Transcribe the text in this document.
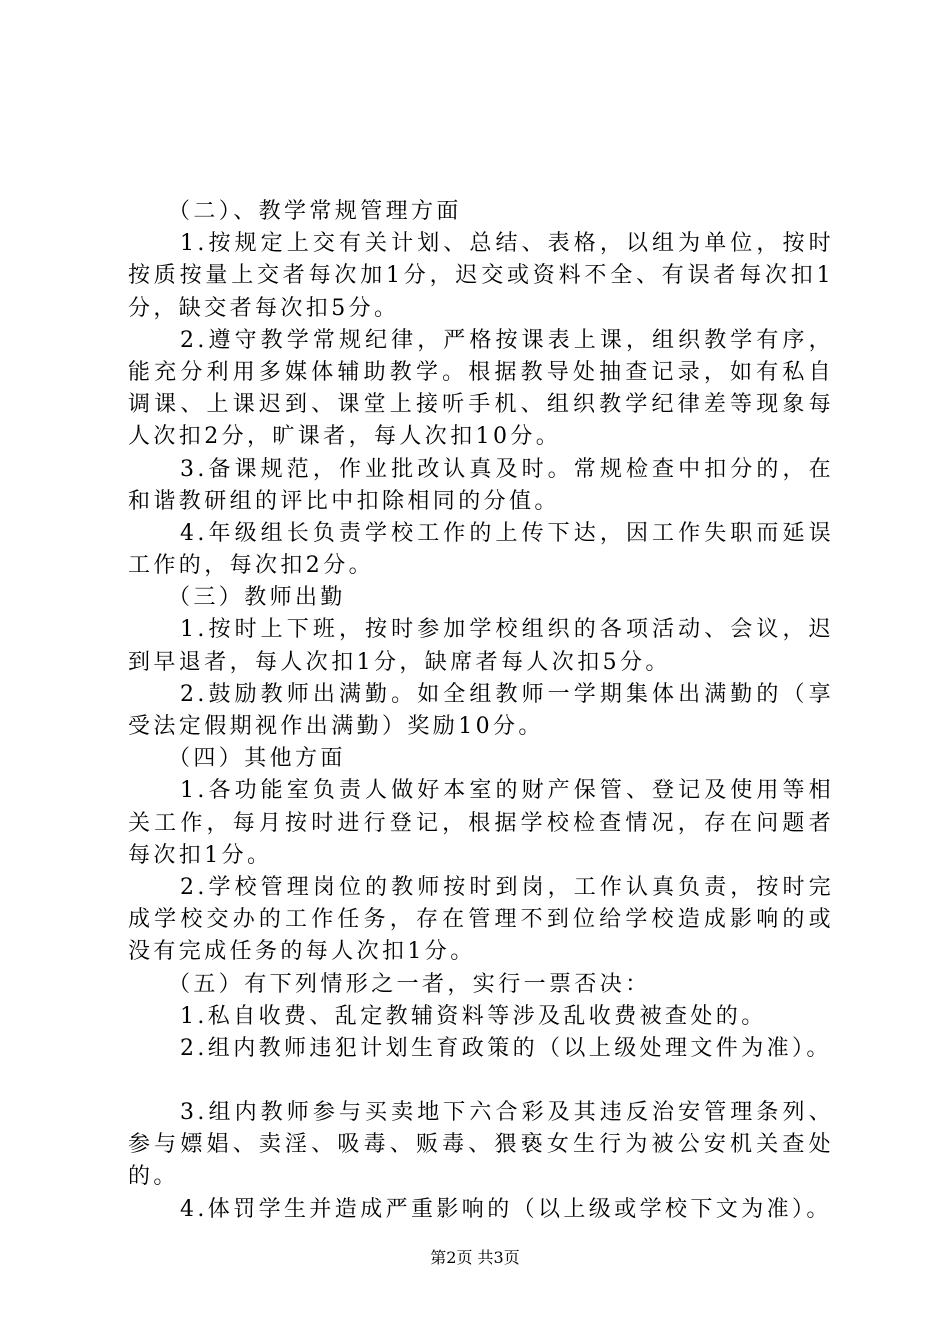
（二）、教学常规管理方面
1.按规定上交有关计划、总结、表格，以组为单位，按时
按质按量上交者每次加1分，迟交或资料不全、有误者每次扣1
分，缺交者每次扣5分。
2.遵守教学常规纪律，严格按课表上课，组织教学有序，
能充分利用多媒体辅助教学。根据教导处抽查记录，如有私自
调课、上课迟到、课堂上接听手机、组织教学纪律差等现象每
人次扣2分，旷课者，每人次扣10分。
3.备课规范，作业批改认真及时。常规检查中扣分的，在
和谐教研组的评比中扣除相同的分值。
4.年级组长负责学校工作的上传下达，因工作失职而延误
工作的，每次扣2分。
（三）教师出勤
1.按时上下班，按时参加学校组织的各项活动、会议，迟
到早退者，每人次扣1分，缺席者每人次扣5分。
2.鼓励教师出满勤。如全组教师一学期集体出满勤的（享
受法定假期视作出满勤）奖励10分。
（四）其他方面
1.各功能室负责人做好本室的财产保管、登记及使用等相
关工作，每月按时进行登记，根据学校检查情况，存在问题者
每次扣1分。
2.学校管理岗位的教师按时到岗，工作认真负责，按时完
成学校交办的工作任务，存在管理不到位给学校造成影响的或
没有完成任务的每人次扣1分。
（五）有下列情形之一者，实行一票否决：
1.私自收费、乱定教辅资料等涉及乱收费被查处的。
2.组内教师违犯计划生育政策的（以上级处理文件为准）。
3.组内教师参与买卖地下六合彩及其违反治安管理条列、
参与嫖娼、卖淫、吸毒、贩毒、猥亵女生行为被公安机关查处
的。
4.体罚学生并造成严重影响的（以上级或学校下文为准）。
第2页 共3页
